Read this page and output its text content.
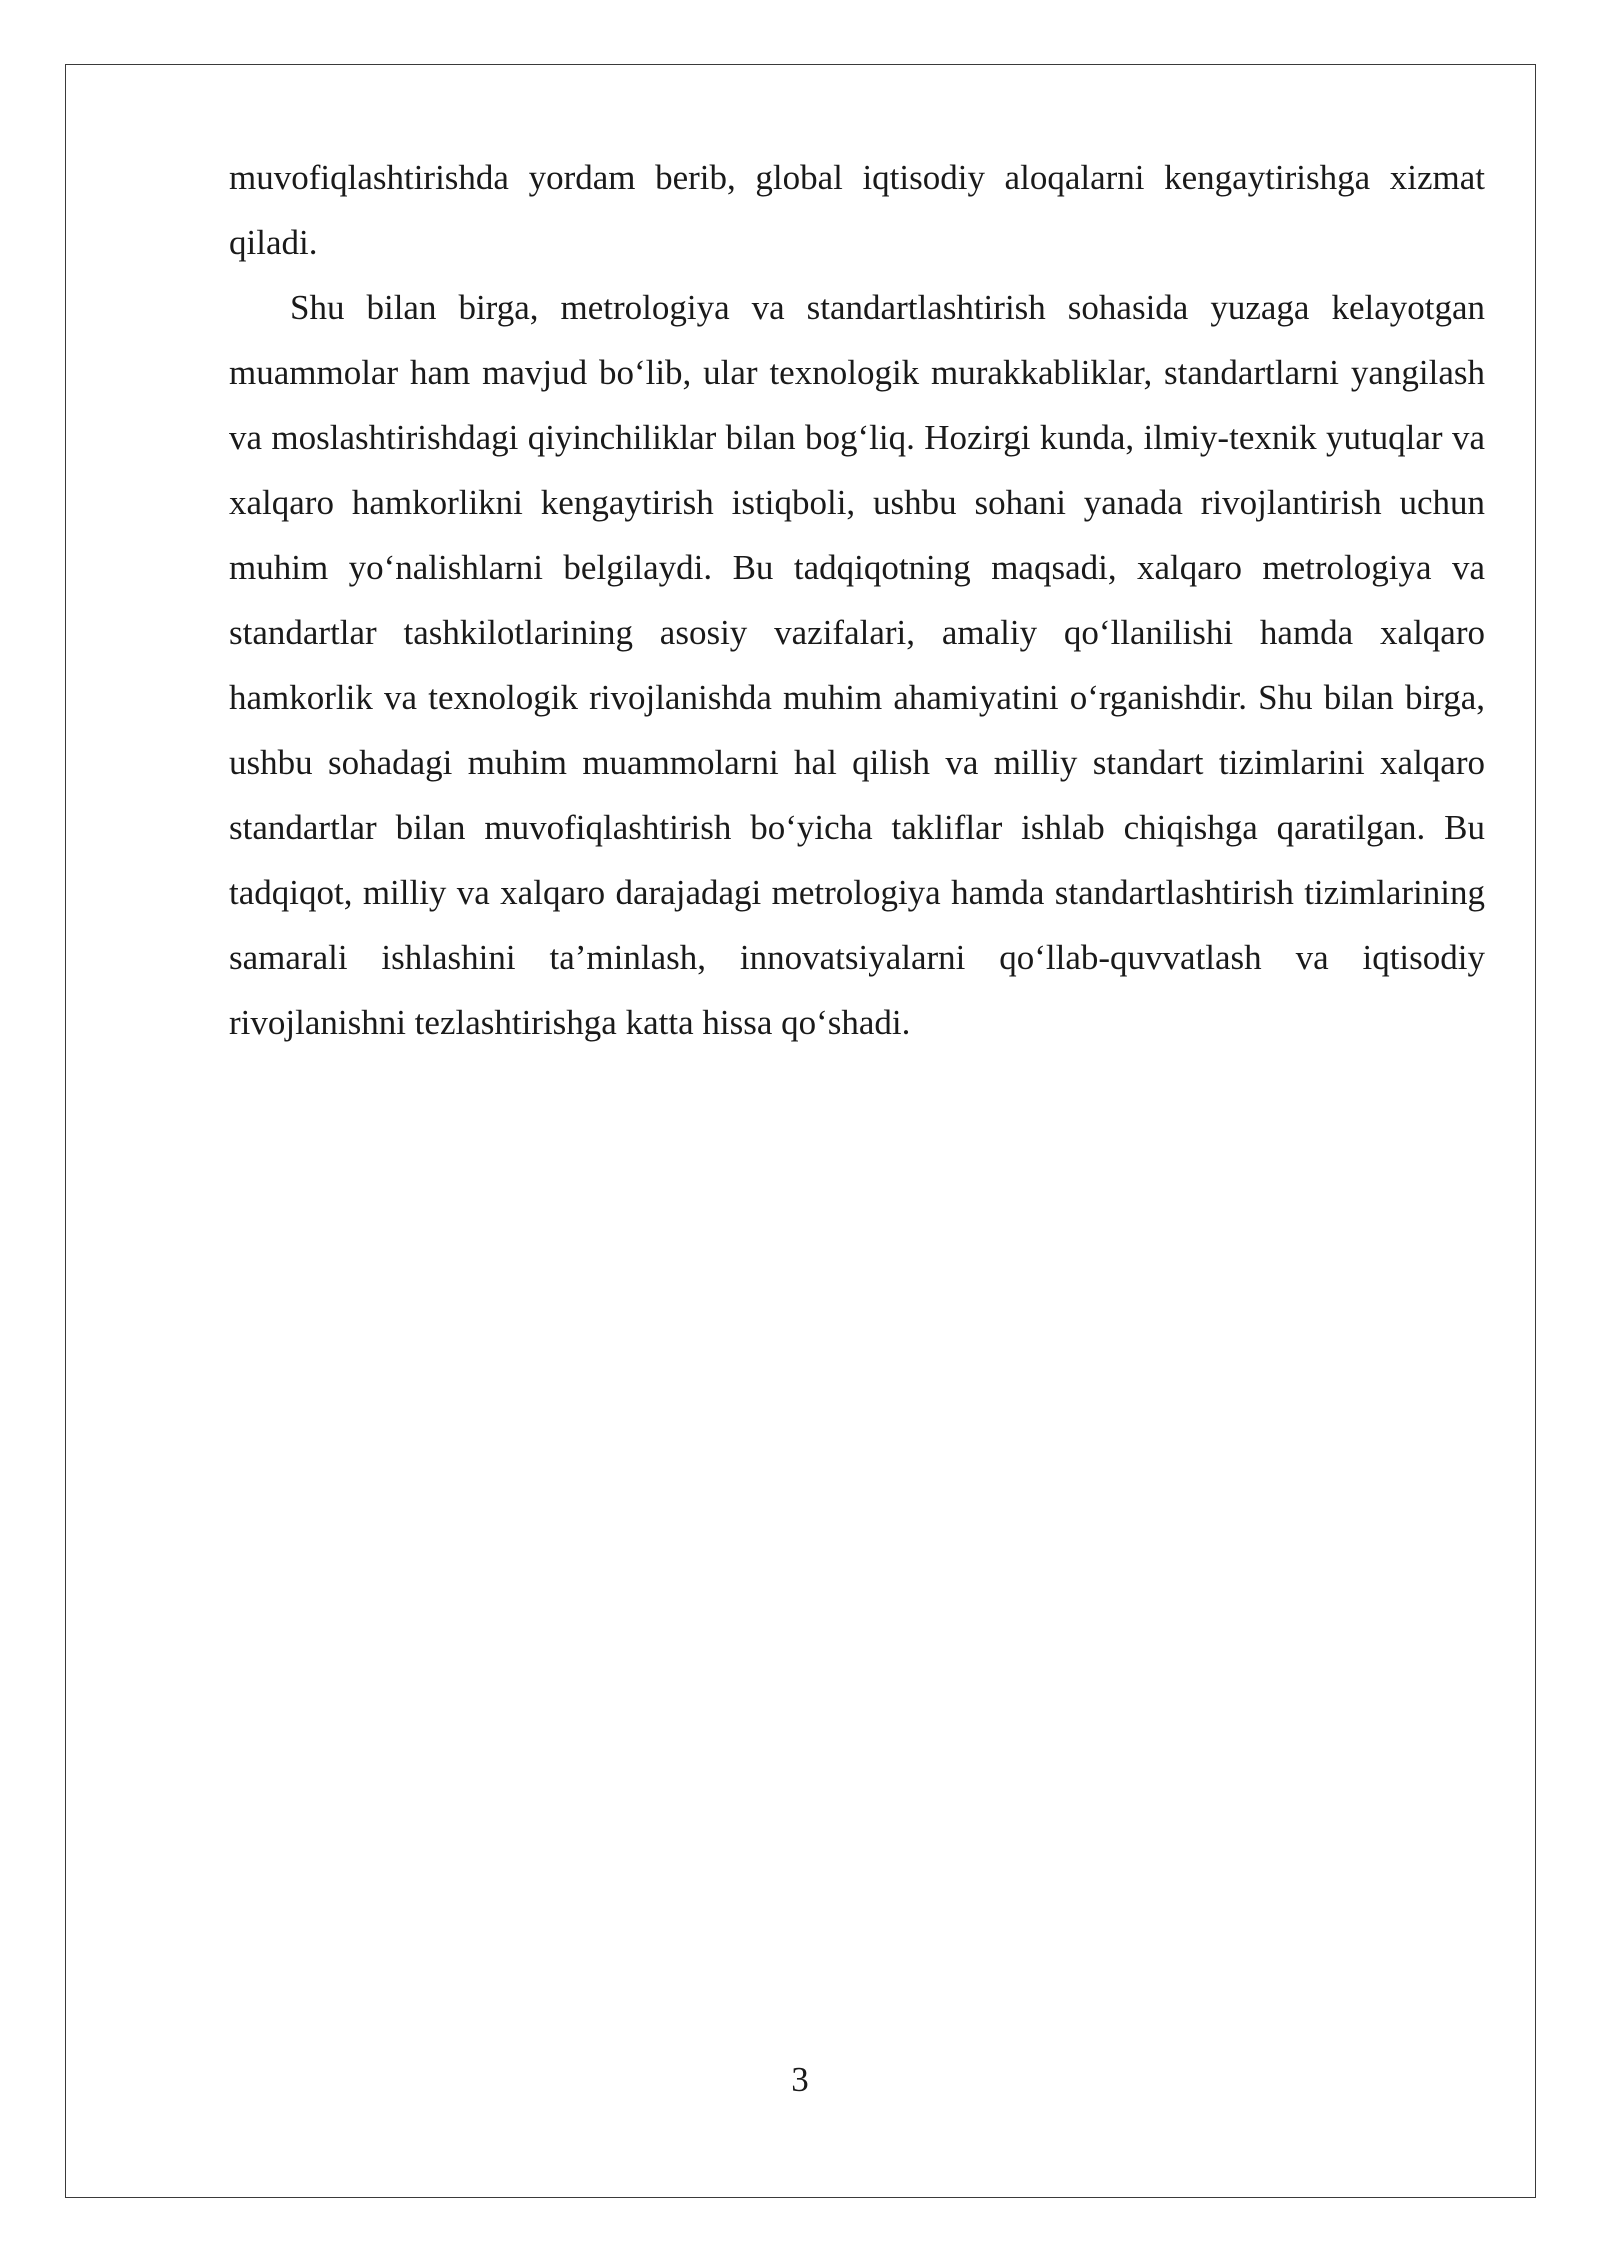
muvofiqlashtirishda yordam berib, global iqtisodiy aloqalarni kengaytirishga xizmat qiladi.

Shu bilan birga, metrologiya va standartlashtirish sohasida yuzaga kelayotgan muammolar ham mavjud bo‘lib, ular texnologik murakkabliklar, standartlarni yangilash va moslashtirishdagi qiyinchiliklar bilan bog‘liq. Hozirgi kunda, ilmiy-texnik yutuqlar va xalqaro hamkorlikni kengaytirish istiqboli, ushbu sohani yanada rivojlantirish uchun muhim yo‘nalishlarni belgilaydi. Bu tadqiqotning maqsadi, xalqaro metrologiya va standartlar tashkilotlarining asosiy vazifalari, amaliy qo‘llanilishi hamda xalqaro hamkorlik va texnologik rivojlanishda muhim ahamiyatini o‘rganishdir. Shu bilan birga, ushbu sohadagi muhim muammolarni hal qilish va milliy standart tizimlarini xalqaro standartlar bilan muvofiqlashtirish bo‘yicha takliflar ishlab chiqishga qaratilgan. Bu tadqiqot, milliy va xalqaro darajadagi metrologiya hamda standartlashtirish tizimlarining samarali ishlashini ta’minlash, innovatsiyalarni qo‘llab-quvvatlash va iqtisodiy rivojlanishni tezlashtirishga katta hissa qo‘shadi.

3
